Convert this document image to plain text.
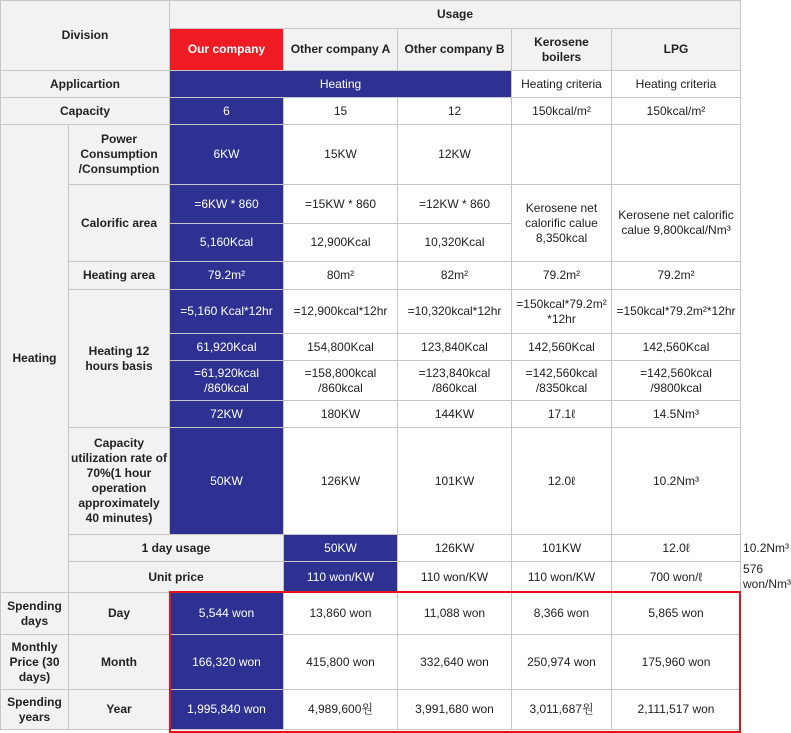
Division		Usage					
		Our company	Other company A	Other company B	Kerosene boilers	LPG	
Applicartion		Heating			Heating criteria	Heating criteria	
Capacity		6	15	12	150kcal/m²	150kcal/m²	
Heating	Power Consumption /Consumption	6KW	15KW	12KW			
	Calorific area	=6KW * 860	=15KW * 860	=12KW * 860	Kerosene net calorific calue 8,350kcal	Kerosene net calorific calue 9,800kcal/Nm³	
		5,160Kcal	12,900Kcal	10,320Kcal			
	Heating area	79.2m²	80m²	82m²	79.2m²	79.2m²	
	Heating 12 hours basis	=5,160 Kcal*12hr	=12,900kcal*12hr	=10,320kcal*12hr	=150kcal*79.2m² *12hr	=150kcal*79.2m²*12hr	
		61,920Kcal	154,800Kcal	123,840Kcal	142,560Kcal	142,560Kcal	
		=61,920kcal /860kcal	=158,800kcal /860kcal	=123,840kcal /860kcal	=142,560kcal /8350kcal	=142,560kcal /9800kcal	
		72KW	180KW	144KW	17.1ℓ	14.5Nm³	
	Capacity utilization rate of 70%(1 hour operation approximately 40 minutes)	50KW	126KW	101KW	12.0ℓ	10.2Nm³	
	1 day usage		50KW	126KW	101KW	12.0ℓ	10.2Nm³
	Unit price		110 won/KW	110 won/KW	110 won/KW	700 won/ℓ	576 won/Nm³
Spending days	Day	5,544 won	13,860 won	11,088 won	8,366 won	5,865 won	
Monthly Price (30 days)	Month	166,320 won	415,800 won	332,640 won	250,974 won	175,960 won	
Spending years	Year	1,995,840 won	4,989,600원	3,991,680 won	3,011,687원	2,111,517 won	
